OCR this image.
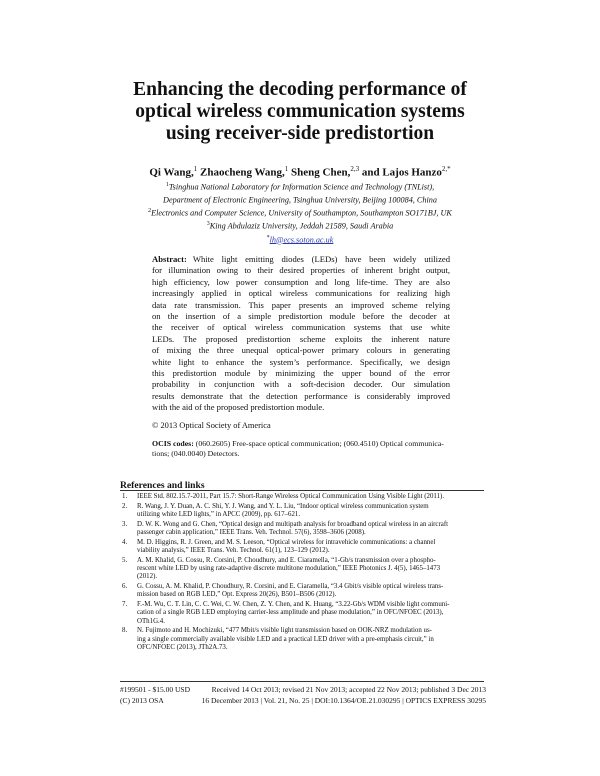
Enhancing the decoding performance of
optical wireless communication systems
using receiver-side predistortion
Qi Wang,$^1$ Zhaocheng Wang,$^1$ Sheng Chen,$^{2,3}$ and Lajos Hanzo$^{2,*}$
$^1$Tsinghua National Laboratory for Information Science and Technology (TNList),
Department of Electronic Engineering, Tsinghua University, Beijing 100084, China
$^2$Electronics and Computer Science, University of Southampton, Southampton SO171BJ, UK
$^3$King Abdulaziz University, Jeddah 21589, Saudi Arabia
*lh@ecs.soton.ac.uk
Abstract: White light emitting diodes (LEDs) have been widely utilized
for illumination owing to their desired properties of inherent bright output,
high efficiency, low power consumption and long life-time. They are also
increasingly applied in optical wireless communications for realizing high
data rate transmission. This paper presents an improved scheme relying
on the insertion of a simple predistortion module before the decoder at
the receiver of optical wireless communication systems that use white
LEDs. The proposed predistortion scheme exploits the inherent nature
of mixing the three unequal optical-power primary colours in generating
white light to enhance the system’s performance. Specifically, we design
this predistortion module by minimizing the upper bound of the error
probability in conjunction with a soft-decision decoder. Our simulation
results demonstrate that the detection performance is considerably improved
with the aid of the proposed predistortion module.
© 2013 Optical Society of America
OCIS codes: (060.2605) Free-space optical communication; (060.4510) Optical communica-
tions; (040.0040) Detectors.
References and links
1. IEEE Std. 802.15.7-2011, Part 15.7: Short-Range Wireless Optical Communication Using Visible Light (2011).
2. R. Wang, J. Y. Duan, A. C. Shi, Y. J. Wang, and Y. L. Liu, “Indoor optical wireless communication system
utilizing white LED lights,” in APCC (2009), pp. 617–621.
3. D. W. K. Wong and G. Chen, “Optical design and multipath analysis for broadband optical wireless in an aircraft
passenger cabin application,” IEEE Trans. Veh. Technol. 57(6), 3598–3606 (2008).
4. M. D. Higgins, R. J. Green, and M. S. Leeson, “Optical wireless for intravehicle communications: a channel
viability analysis,” IEEE Trans. Veh. Technol. 61(1), 123–129 (2012).
5. A. M. Khalid, G. Cossu, R. Corsini, P. Choudhury, and E. Ciaramella, “1-Gb/s transmission over a phospho-
rescent white LED by using rate-adaptive discrete multitone modulation,” IEEE Photonics J. 4(5), 1465–1473
(2012).
6. G. Cossu, A. M. Khalid, P. Choudhury, R. Corsini, and E. Ciaramella, “3.4 Gbit/s visible optical wireless trans-
mission based on RGB LED,” Opt. Express 20(26), B501–B506 (2012).
7. F.-M. Wu, C. T. Lin, C. C. Wei, C. W. Chen, Z. Y. Chen, and K. Huang, “3.22-Gb/s WDM visible light communi-
cation of a single RGB LED employing carrier-less amplitude and phase modulation,” in OFC/NFOEC (2013),
OTh1G.4.
8. N. Fujimoto and H. Mochizuki, “477 Mbit/s visible light transmission based on OOK-NRZ modulation us-
ing a single commercially available visible LED and a practical LED driver with a pre-emphasis circuit,” in
OFC/NFOEC (2013), JTh2A.73.
#199501 - $15.00 USD	Received 14 Oct 2013; revised 21 Nov 2013; accepted 22 Nov 2013; published 3 Dec 2013
(C) 2013 OSA	16 December 2013 | Vol. 21, No. 25 | DOI:10.1364/OE.21.030295 | OPTICS EXPRESS 30295
